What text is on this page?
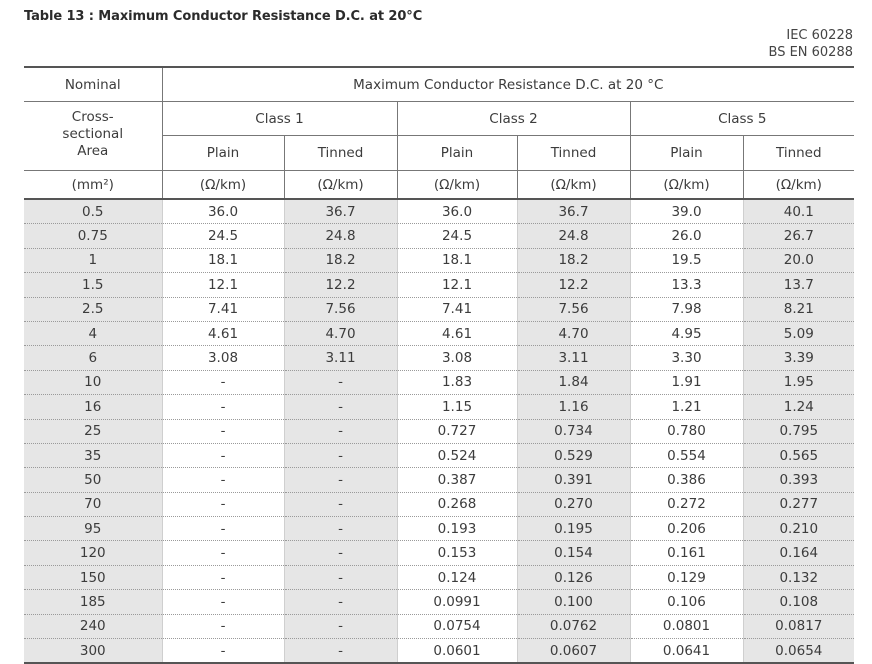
Table 13 : Maximum Conductor Resistance D.C. at 20°C
IEC 60228
BS EN 60288
Nominal	Maximum Conductor Resistance D.C. at 20 °C					

Cross-
sectional
Area	Class 1		Class 2		Class 5	
	Plain	Tinned	Plain	Tinned	Plain	Tinned
(mm²)	(Ω/km)	(Ω/km)	(Ω/km)	(Ω/km)	(Ω/km)	(Ω/km)
0.5	36.0	36.7	36.0	36.7	39.0	40.1
0.75	24.5	24.8	24.5	24.8	26.0	26.7
1	18.1	18.2	18.1	18.2	19.5	20.0
1.5	12.1	12.2	12.1	12.2	13.3	13.7
2.5	7.41	7.56	7.41	7.56	7.98	8.21
4	4.61	4.70	4.61	4.70	4.95	5.09
6	3.08	3.11	3.08	3.11	3.30	3.39
10	-	-	1.83	1.84	1.91	1.95
16	-	-	1.15	1.16	1.21	1.24
25	-	-	0.727	0.734	0.780	0.795
35	-	-	0.524	0.529	0.554	0.565
50	-	-	0.387	0.391	0.386	0.393
70	-	-	0.268	0.270	0.272	0.277
95	-	-	0.193	0.195	0.206	0.210
120	-	-	0.153	0.154	0.161	0.164
150	-	-	0.124	0.126	0.129	0.132
185	-	-	0.0991	0.100	0.106	0.108
240	-	-	0.0754	0.0762	0.0801	0.0817
300	-	-	0.0601	0.0607	0.0641	0.0654
